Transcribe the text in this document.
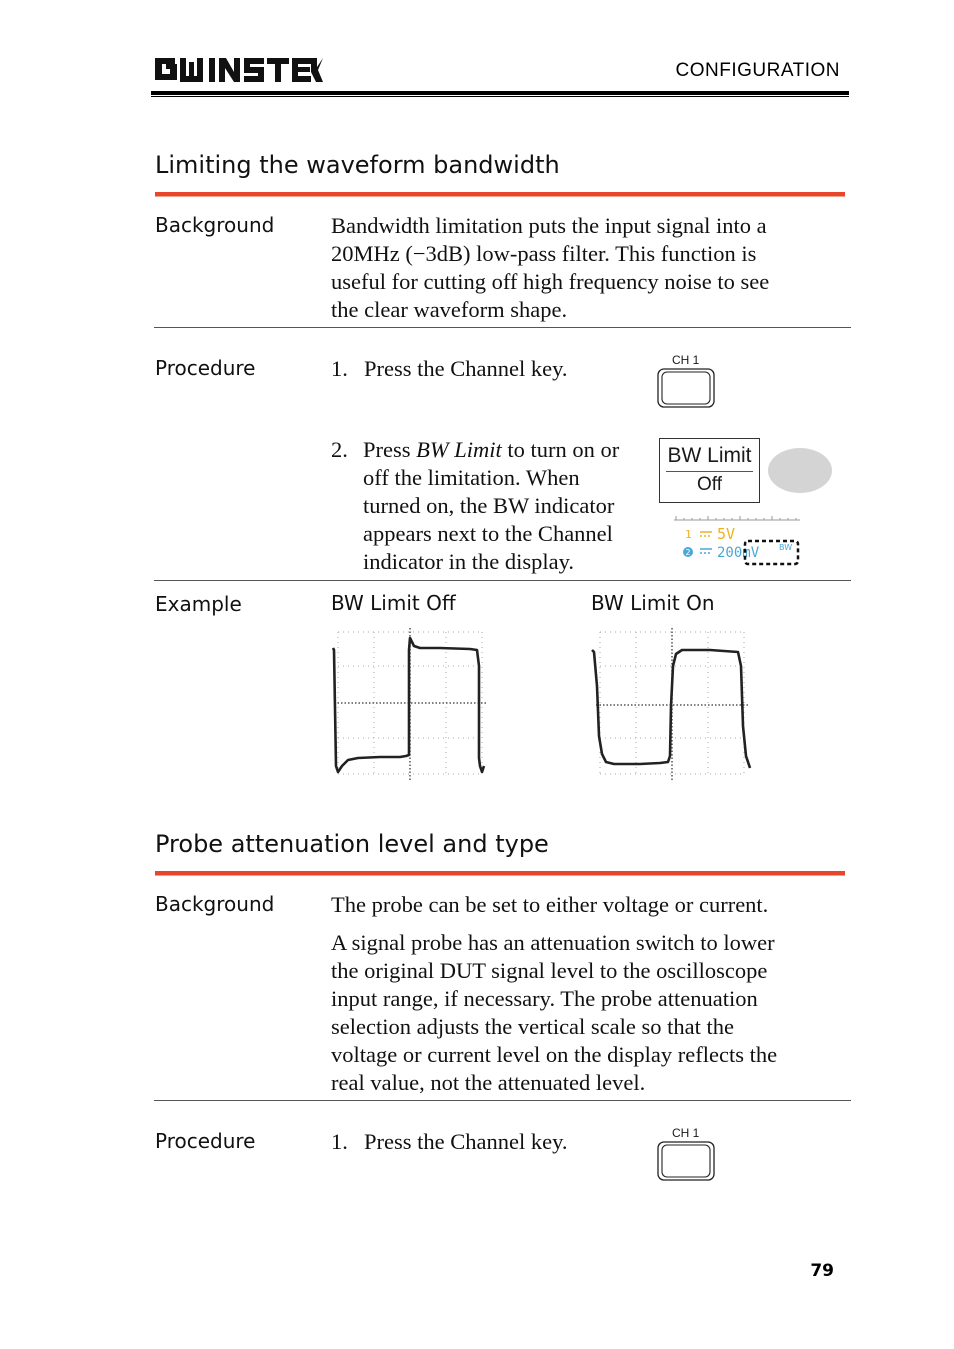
CONFIGURATION
Limiting the waveform bandwidth
Background	Bandwidth limitation puts the input signal into a
20MHz (−3dB) low-pass filter. This function is
useful for cutting off high frequency noise to see
the clear waveform shape.
Procedure	1. Press the Channel key.	CH 1
2. Press BW Limit to turn on or
off the limitation. When
turned on, the BW indicator
appears next to the Channel
indicator in the display.
BW Limit
Off
1 5V
2 200mV BW
Example	BW Limit Off	BW Limit On
Probe attenuation level and type
Background	The probe can be set to either voltage or current.
A signal probe has an attenuation switch to lower
the original DUT signal level to the oscilloscope
input range, if necessary. The probe attenuation
selection adjusts the vertical scale so that the
voltage or current level on the display reflects the
real value, not the attenuated level.
Procedure	1. Press the Channel key.	CH 1
79
